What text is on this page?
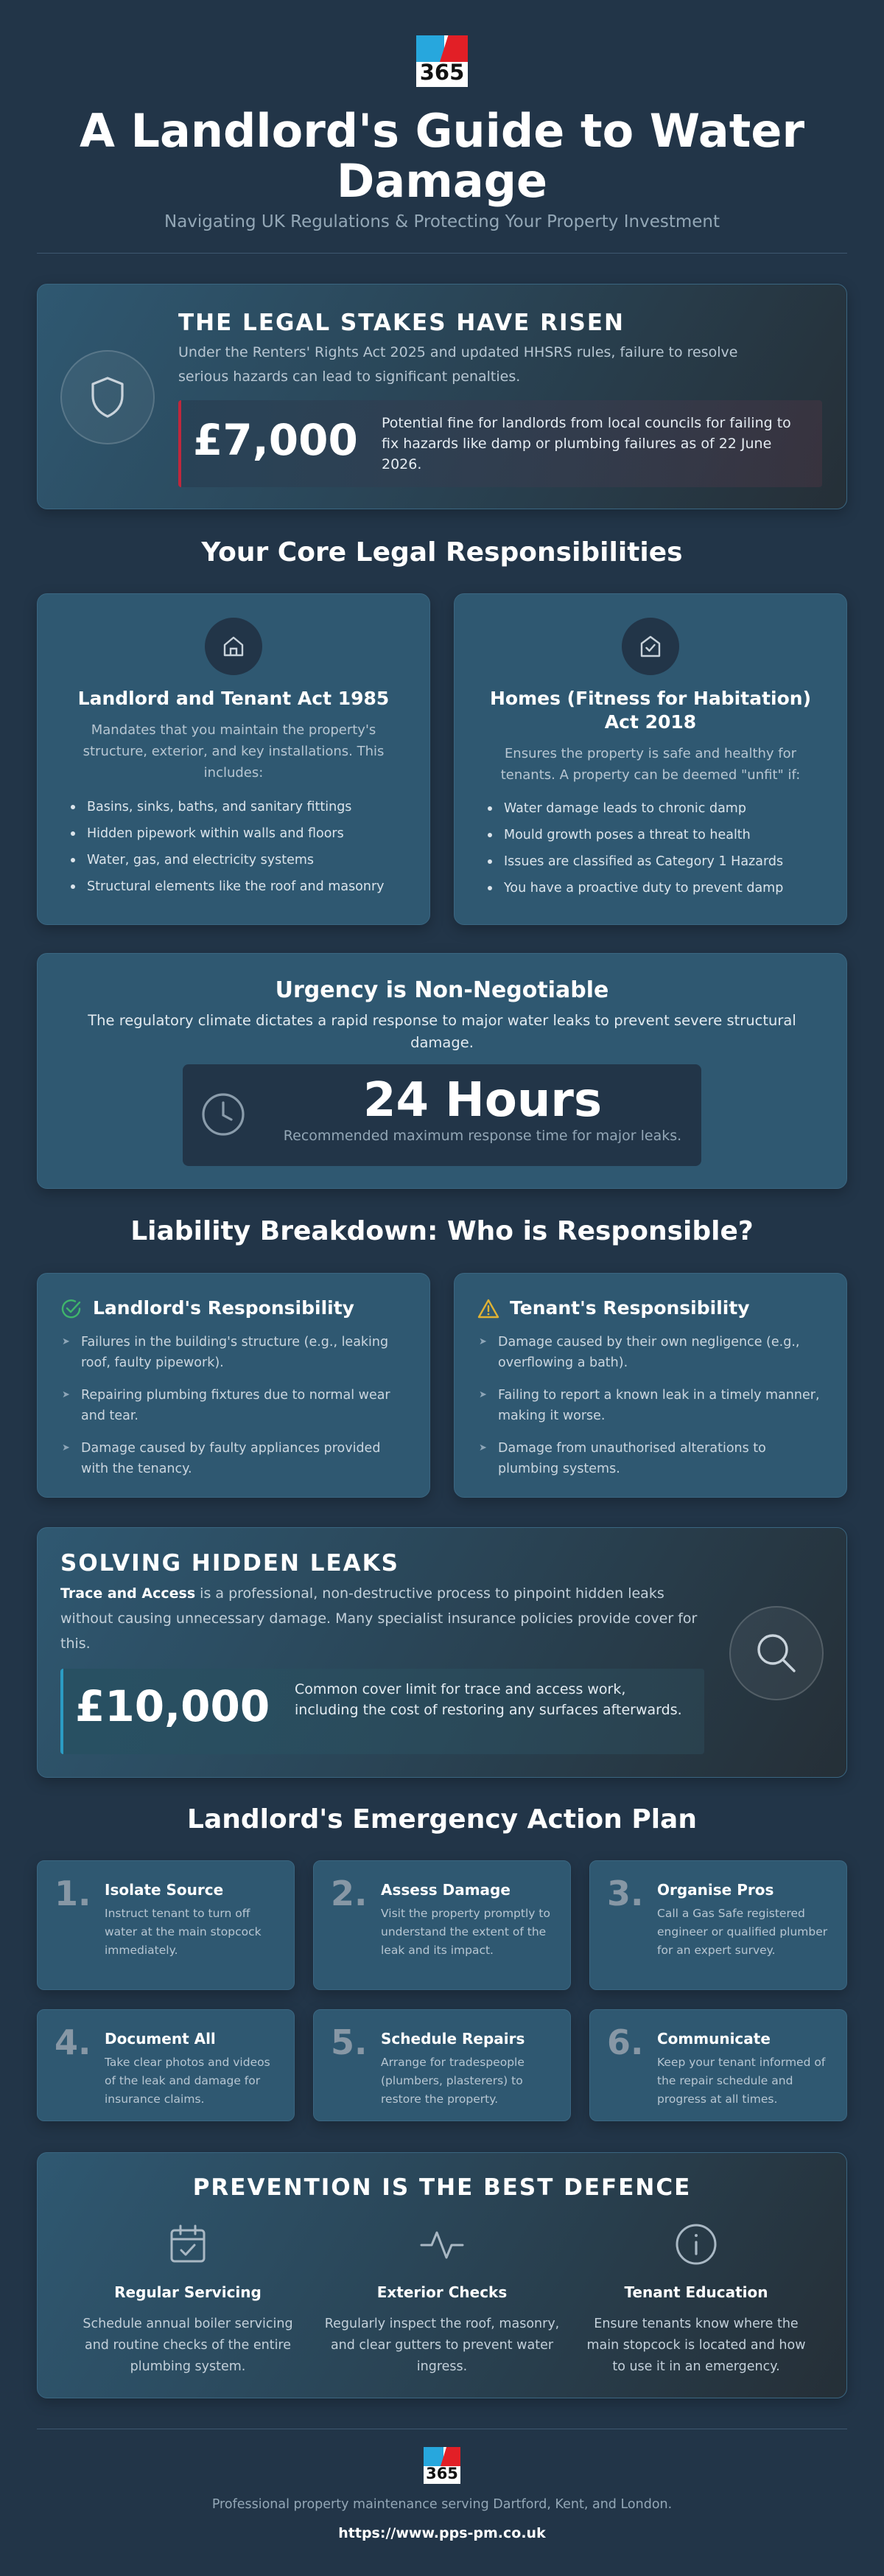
365
A Landlord's Guide to Water Damage
Navigating UK Regulations & Protecting Your Property Investment
THE LEGAL STAKES HAVE RISEN
Under the Renters' Rights Act 2025 and updated HHSRS rules, failure to resolve serious hazards can lead to significant penalties.
£7,000 Potential fine for landlords from local councils for failing to fix hazards like damp or plumbing failures as of 22 June 2026.
Your Core Legal Responsibilities
Landlord and Tenant Act 1985
Mandates that you maintain the property's structure, exterior, and key installations. This includes:
Basins, sinks, baths, and sanitary fittings
Hidden pipework within walls and floors
Water, gas, and electricity systems
Structural elements like the roof and masonry
Homes (Fitness for Habitation) Act 2018
Ensures the property is safe and healthy for tenants. A property can be deemed "unfit" if:
Water damage leads to chronic damp
Mould growth poses a threat to health
Issues are classified as Category 1 Hazards
You have a proactive duty to prevent damp
Urgency is Non-Negotiable
The regulatory climate dictates a rapid response to major water leaks to prevent severe structural damage.
24 Hours
Recommended maximum response time for major leaks.
Liability Breakdown: Who is Responsible?
Landlord's Responsibility
➤ Failures in the building's structure (e.g., leaking roof, faulty pipework).
➤ Repairing plumbing fixtures due to normal wear and tear.
➤ Damage caused by faulty appliances provided with the tenancy.
Tenant's Responsibility
➤ Damage caused by their own negligence (e.g., overflowing a bath).
➤ Failing to report a known leak in a timely manner, making it worse.
➤ Damage from unauthorised alterations to plumbing systems.
SOLVING HIDDEN LEAKS
Trace and Access is a professional, non-destructive process to pinpoint hidden leaks without causing unnecessary damage. Many specialist insurance policies provide cover for this.
£10,000 Common cover limit for trace and access work, including the cost of restoring any surfaces afterwards.
Landlord's Emergency Action Plan
1. Isolate Source
Instruct tenant to turn off water at the main stopcock immediately.
2. Assess Damage
Visit the property promptly to understand the extent of the leak and its impact.
3. Organise Pros
Call a Gas Safe registered engineer or qualified plumber for an expert survey.
4. Document All
Take clear photos and videos of the leak and damage for insurance claims.
5. Schedule Repairs
Arrange for tradespeople (plumbers, plasterers) to restore the property.
6. Communicate
Keep your tenant informed of the repair schedule and progress at all times.
PREVENTION IS THE BEST DEFENCE
Regular Servicing
Schedule annual boiler servicing and routine checks of the entire plumbing system.
Exterior Checks
Regularly inspect the roof, masonry, and clear gutters to prevent water ingress.
Tenant Education
Ensure tenants know where the main stopcock is located and how to use it in an emergency.
365
Professional property maintenance serving Dartford, Kent, and London.
https://www.pps-pm.co.uk
